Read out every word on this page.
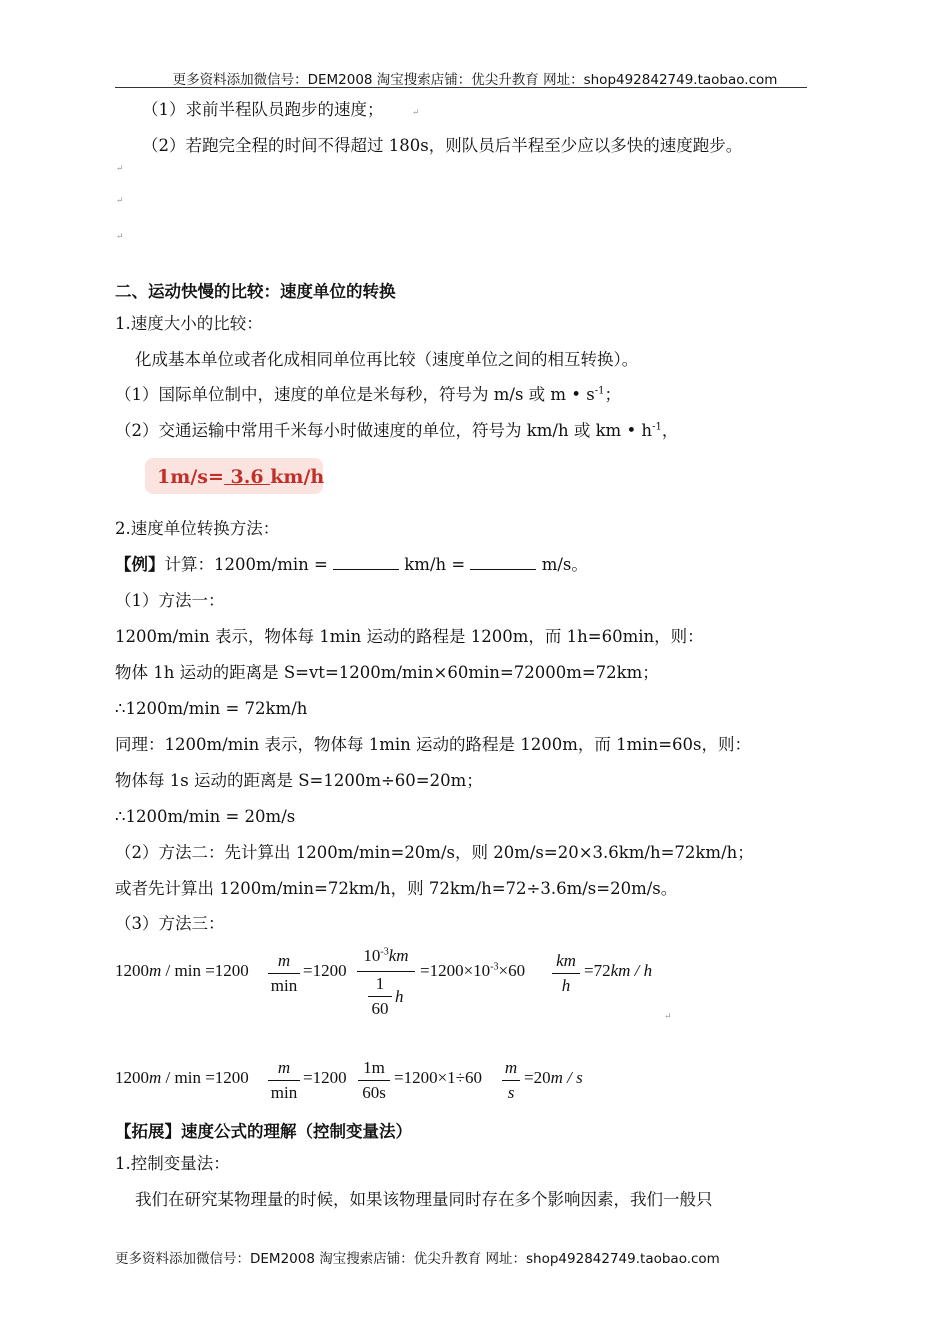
更多资料添加微信号：DEM2008 淘宝搜索店铺：优尖升教育 网址：shop492842749.taobao.com
（1）求前半程队员跑步的速度；	↵
（2）若跑完全程的时间不得超过 180s，则队员后半程至少应以多快的速度跑步。
↵
↵
↵
二、运动快慢的比较：速度单位的转换
1.速度大小的比较：
化成基本单位或者化成相同单位再比较（速度单位之间的相互转换）。
（1）国际单位制中，速度的单位是米每秒，符号为 m/s 或 m • $s^{-1}$；
（2）交通运输中常用千米每小时做速度的单位，符号为 km/h 或 km • $h^{-1}$，
1m/s= 3.6 km/h
2.速度单位转换方法：
【例】计算：1200m/min =	km/h =	m/s。
（1）方法一：
1200m/min 表示，物体每 1min 运动的路程是 1200m，而 1h=60min，则：
物体 1h 运动的距离是 S=vt=1200m/min×60min=72000m=72km；
∴1200m/min = 72km/h
同理：1200m/min 表示，物体每 1min 运动的路程是 1200m，而 1min=60s，则：
物体每 1s 运动的距离是 S=1200m÷60=20m；
∴1200m/min = 20m/s
（2）方法二：先计算出 1200m/min=20m/s，则 20m/s=20×3.6km/h=72km/h；
或者先计算出 1200m/min=72km/h，则 72km/h=72÷3.6m/s=20m/s。
（3）方法三：
1200m / min =1200
m
min
=1200
$10^{-3}km$
1
60
h
$=1200\times 10^{-3}\times 60$
km
h
=72km / h
↵
1200m / min =1200
m
min
=1200
1m
60s
=1200×1÷60
m
s
=20m / s
【拓展】速度公式的理解（控制变量法）
1.控制变量法：
我们在研究某物理量的时候，如果该物理量同时存在多个影响因素，我们一般只
更多资料添加微信号：DEM2008 淘宝搜索店铺：优尖升教育 网址：shop492842749.taobao.com
